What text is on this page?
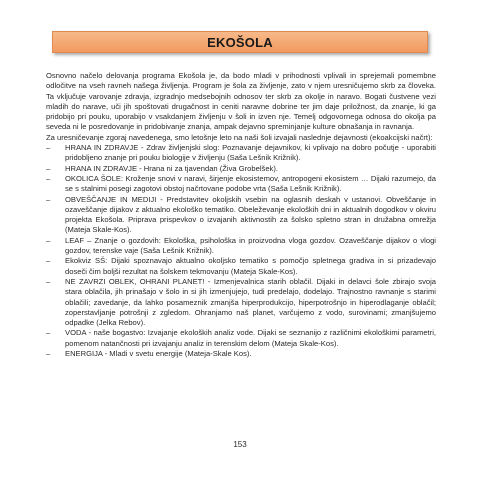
EKOŠOLA

Osnovno načelo delovanja programa Ekošola je, da bodo mladi v prihodnosti vplivali in sprejemali pomembne odločitve na vseh ravneh našega življenja. Program je šola za življenje, zato v njem uresničujemo skrb za človeka. Ta vključuje varovanje zdravja, izgradnjo medsebojnih odnosov ter skrb za okolje in naravo. Bogati čustvene vezi mladih do narave, uči jih spoštovati drugačnost in ceniti naravne dobrine ter jim daje priložnost, da znanje, ki ga pridobijo pri pouku, uporabijo v vsakdanjem življenju v šoli in izven nje. Temelj odgovornega odnosa do okolja pa seveda ni le posredovanje in pridobivanje znanja, ampak dejavno spreminjanje kulture obnašanja in ravnanja.

Za uresničevanje zgoraj navedenega, smo letošnje leto na naši šoli izvajali naslednje dejavnosti (ekoakcijski načrt):

– HRANA IN ZDRAVJE - Zdrav življenjski slog: Poznavanje dejavnikov, ki vplivajo na dobro počutje - uporabiti pridobljeno znanje pri pouku biologije v življenju (Saša Lešnik Križnik).
– HRANA IN ZDRAVJE - Hrana ni za tjavendan (Živa Grobelšek).
– OKOLICA ŠOLE: Kroženje snovi v naravi, širjenje ekosistemov, antropogeni ekosistem … Dijaki razumejo, da se s stalnimi posegi zagotovi obstoj načrtovane podobe vrta (Saša Lešnik Križnik).
– OBVEŠČANJE IN MEDIJI - Predstavitev okoljskih vsebin na oglasnih deskah v ustanovi. Obveščanje in ozaveščanje dijakov z aktualno ekološko tematiko. Obeleževanje ekoloških dni in aktualnih dogodkov v okviru projekta Ekošola. Priprava prispevkov o izvajanih aktivnostih za šolsko spletno stran in družabna omrežja (Mateja Skale-Kos).
– LEAF – Znanje o gozdovih: Ekološka, psihološka in proizvodna vloga gozdov. Ozaveščanje dijakov o vlogi gozdov, terenske vaje (Saša Lešnik Križnik).
– Ekokviz SŠ: Dijaki spoznavajo aktualno okoljsko tematiko s pomočjo spletnega gradiva in si prizadevajo doseči čim boljši rezultat na šolskem tekmovanju (Mateja Skale-Kos).
– NE ZAVRZI OBLEK, OHRANI PLANET! - Izmenjevalnica starih oblačil. Dijaki in delavci šole zbirajo svoja stara oblačila, jih prinašajo v šolo in si jih izmenjujejo, tudi predelajo, dodelajo. Trajnostno ravnanje s starimi oblačili; zavedanje, da lahko posameznik zmanjša hiperprodukcijo, hiperpotrošnjo in hiperodlaganje oblačil; zoperstavljanje potrošnji z zgledom. Ohranjamo naš planet, varčujemo z vodo, surovinami; zmanjšujemo odpadke (Jelka Rebov).
– VODA - naše bogastvo: Izvajanje ekoloških analiz vode. Dijaki se seznanijo z različnimi ekološkimi parametri, pomenom natančnosti pri izvajanju analiz in terenskim delom (Mateja Skale-Kos).
– ENERGIJA - Mladi v svetu energije (Mateja-Skale Kos).
153
